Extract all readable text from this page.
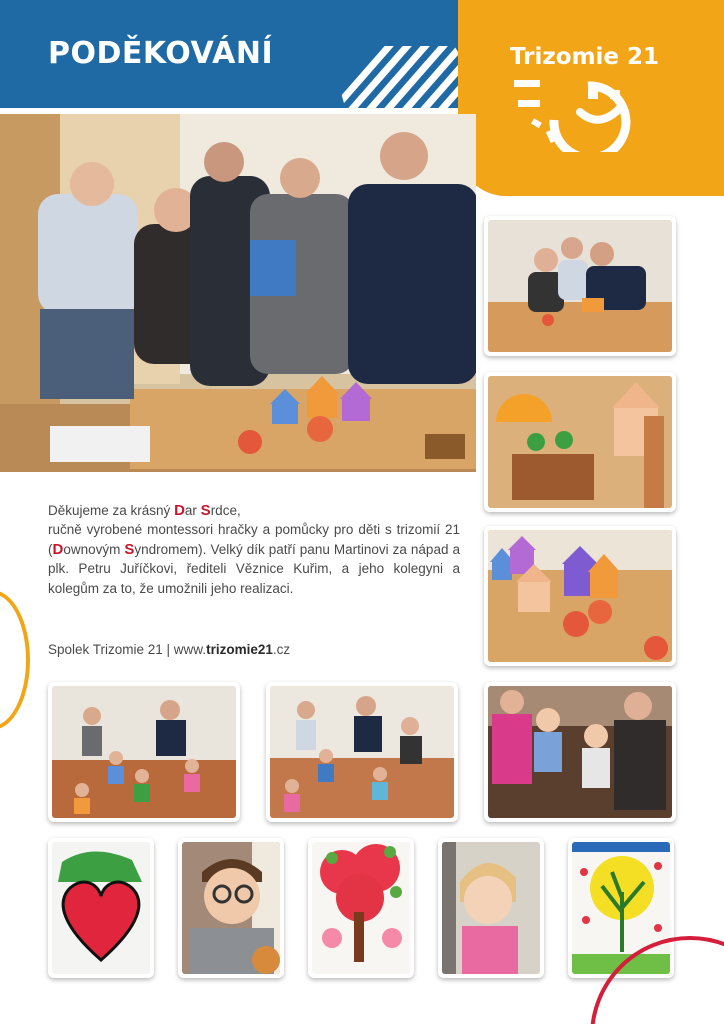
PODĚKOVÁNÍ	Trizomie 21
Děkujeme za krásný Dar Srdce,
ručně vyrobené montessori hračky a pomůcky pro děti s trizomií 21 (Downovým Syndromem). Velký dík patří panu Martinovi za nápad a plk. Petru Juříčkovi, řediteli Věznice Kuřim, a jeho kolegyni a kolegům za to, že umožnili jeho realizaci.
Spolek Trizomie 21 | www.trizomie21.cz
